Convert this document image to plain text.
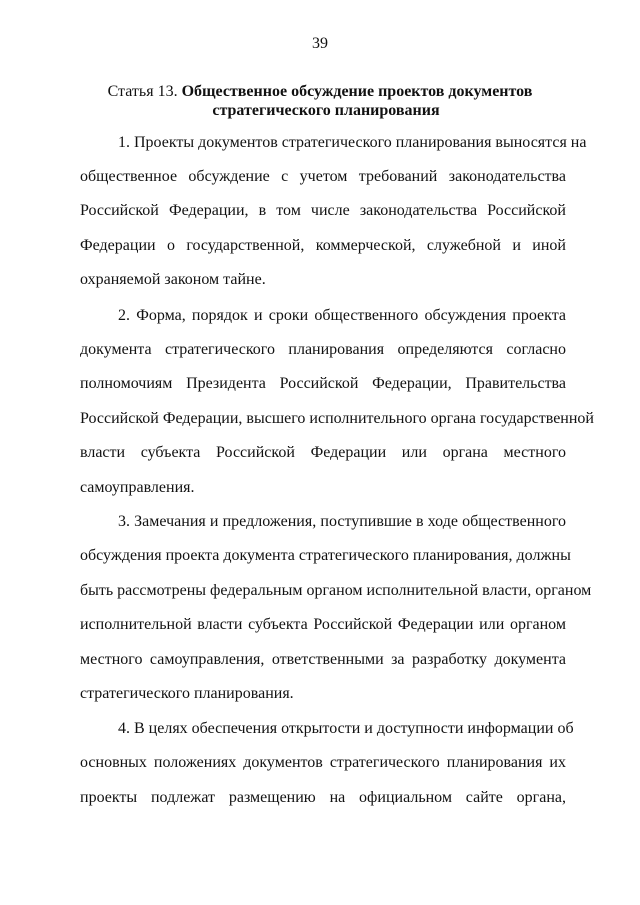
39
Статья 13. Общественное обсуждение проектов документов
стратегического планирования
1. Проекты документов стратегического планирования выносятся на
общественное обсуждение с учетом требований законодательства
Российской Федерации, в том числе законодательства Российской
Федерации о государственной, коммерческой, служебной и иной
охраняемой законом тайне.
2. Форма, порядок и сроки общественного обсуждения проекта
документа стратегического планирования определяются согласно
полномочиям Президента Российской Федерации, Правительства
Российской Федерации, высшего исполнительного органа государственной
власти субъекта Российской Федерации или органа местного
самоуправления.
3. Замечания и предложения, поступившие в ходе общественного
обсуждения проекта документа стратегического планирования, должны
быть рассмотрены федеральным органом исполнительной власти, органом
исполнительной власти субъекта Российской Федерации или органом
местного самоуправления, ответственными за разработку документа
стратегического планирования.
4. В целях обеспечения открытости и доступности информации об
основных положениях документов стратегического планирования их
проекты подлежат размещению на официальном сайте органа,
